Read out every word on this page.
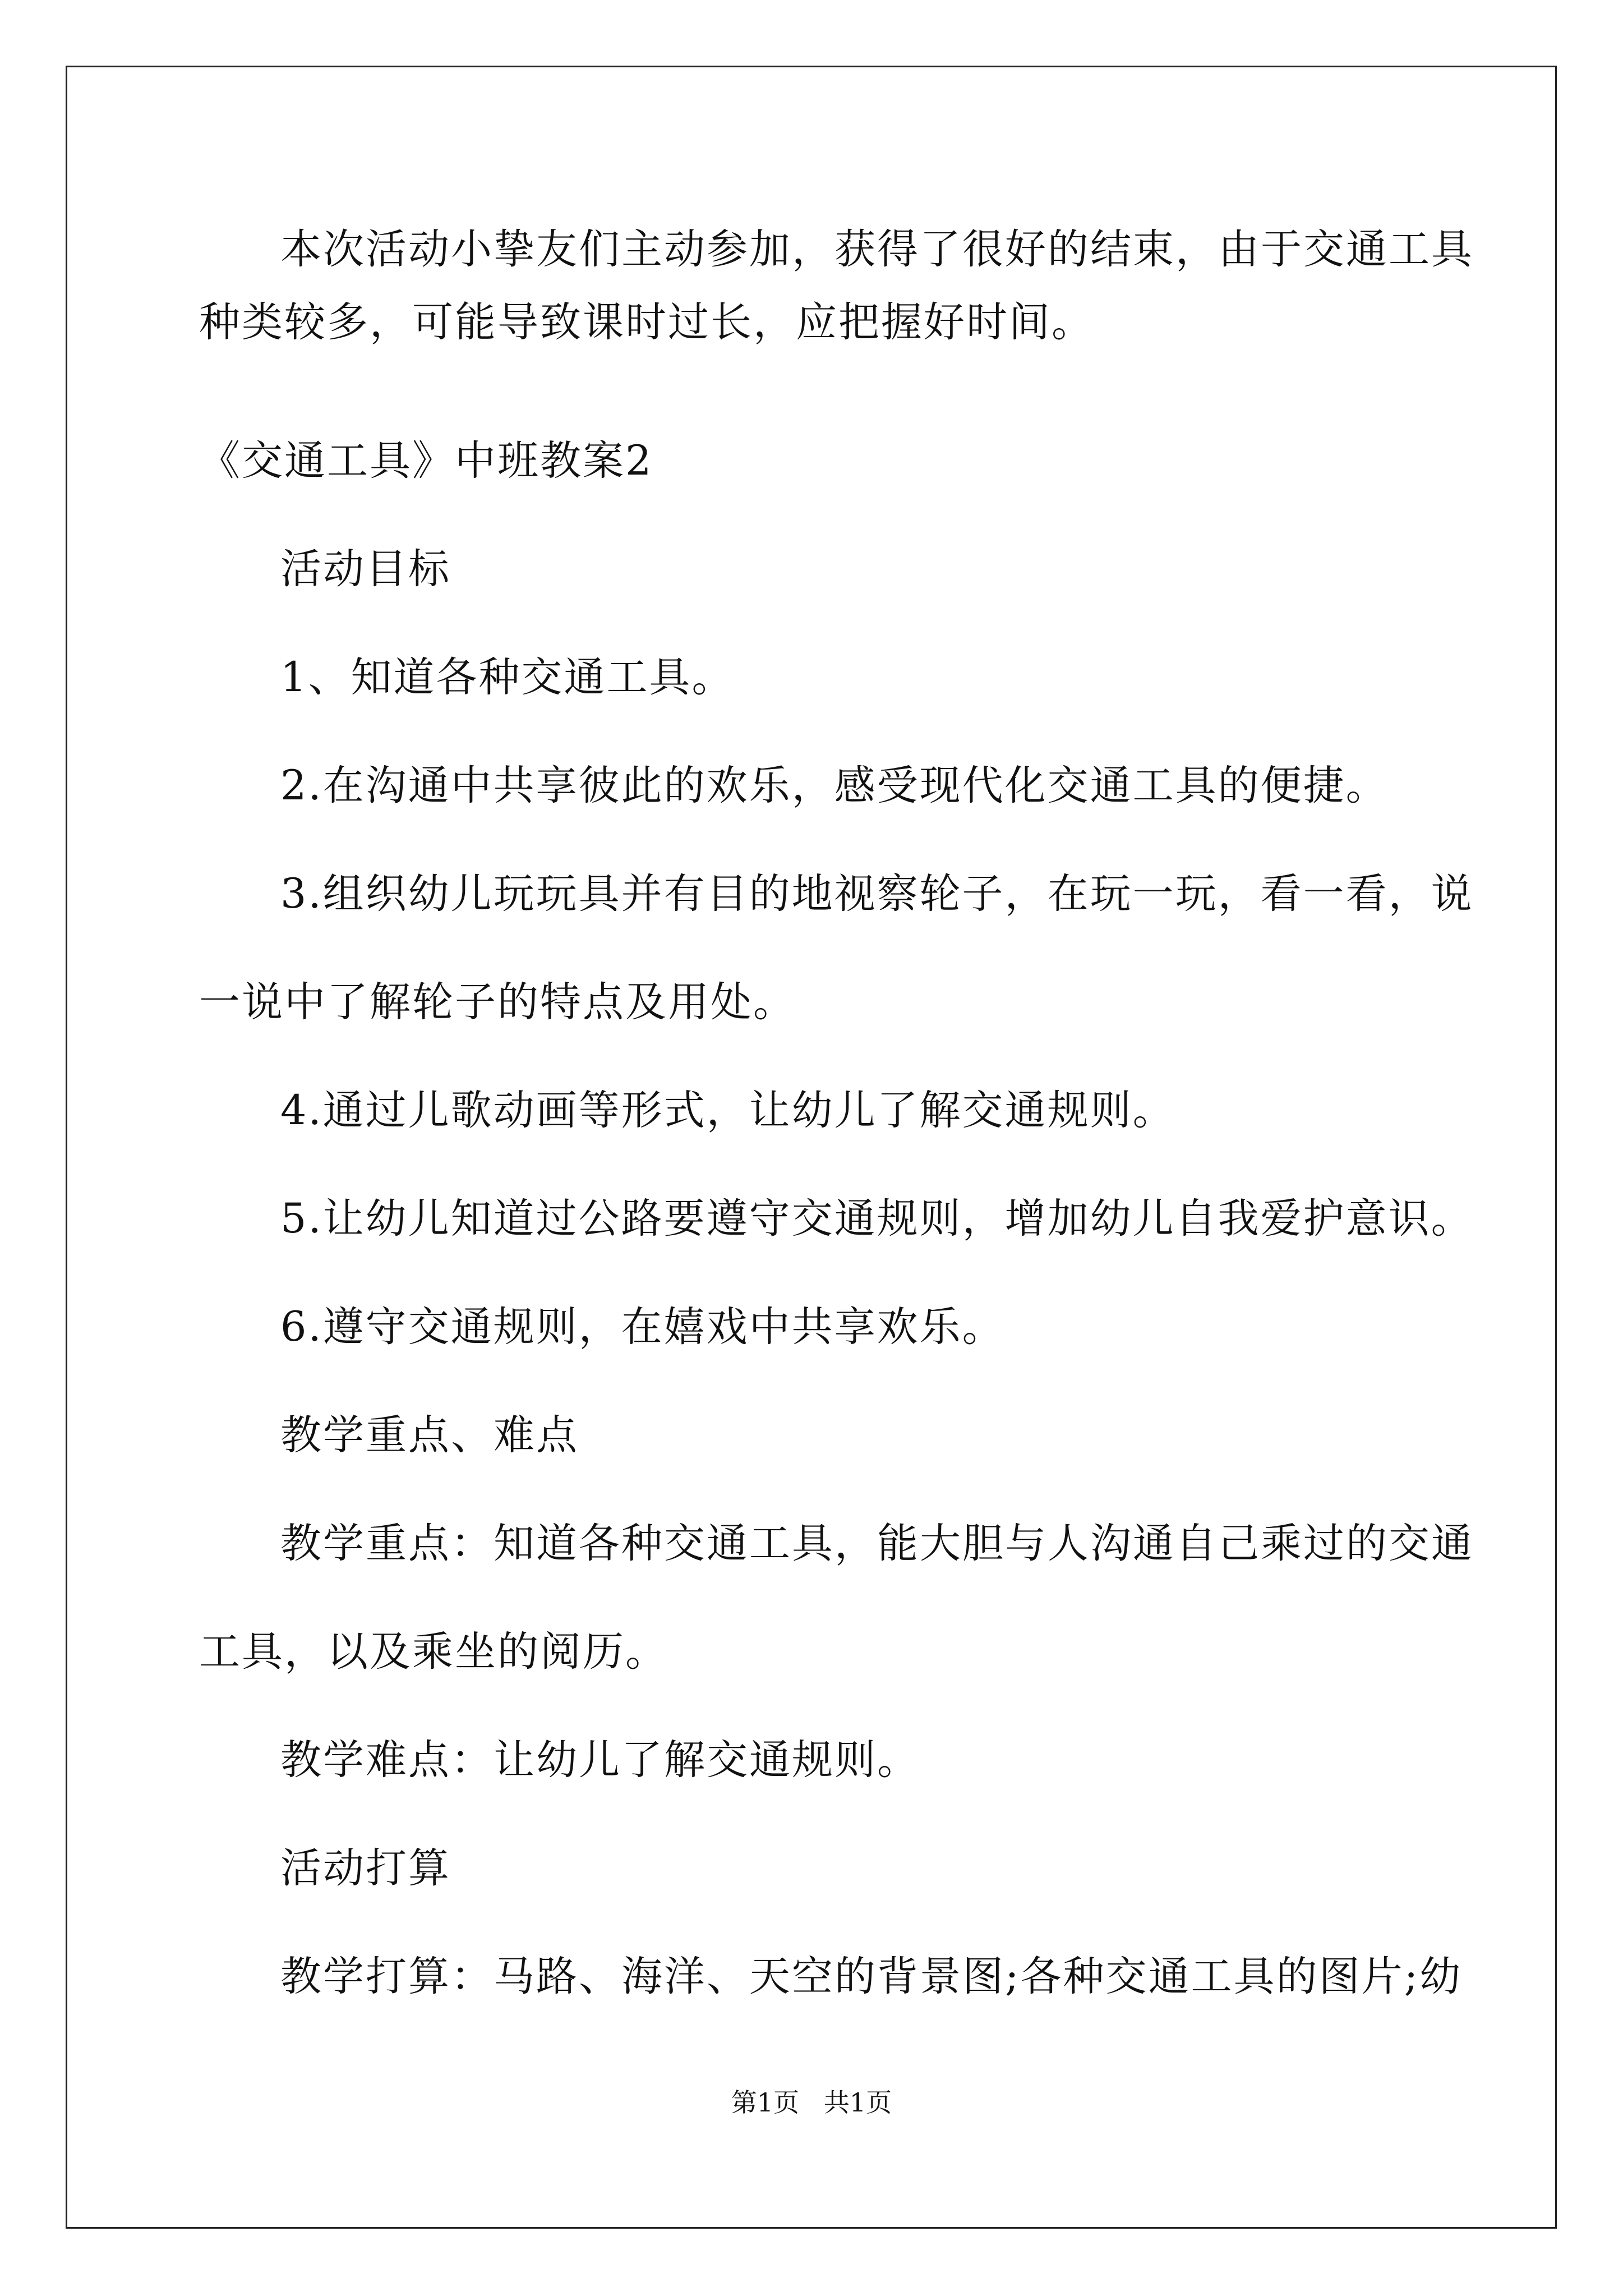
本次活动小挚友们主动参加，获得了很好的结束，由于交通工具

种类较多，可能导致课时过长，应把握好时间。

《交通工具》中班教案2

活动目标

1、知道各种交通工具。

2.在沟通中共享彼此的欢乐，感受现代化交通工具的便捷。

3.组织幼儿玩玩具并有目的地视察轮子，在玩一玩，看一看，说

一说中了解轮子的特点及用处。

4.通过儿歌动画等形式，让幼儿了解交通规则。

5.让幼儿知道过公路要遵守交通规则，增加幼儿自我爱护意识。

6.遵守交通规则，在嬉戏中共享欢乐。

教学重点、难点

教学重点：知道各种交通工具，能大胆与人沟通自己乘过的交通

工具，以及乘坐的阅历。

教学难点：让幼儿了解交通规则。

活动打算

教学打算：马路、海洋、天空的背景图;各种交通工具的图片;幼

第1页   共1页
